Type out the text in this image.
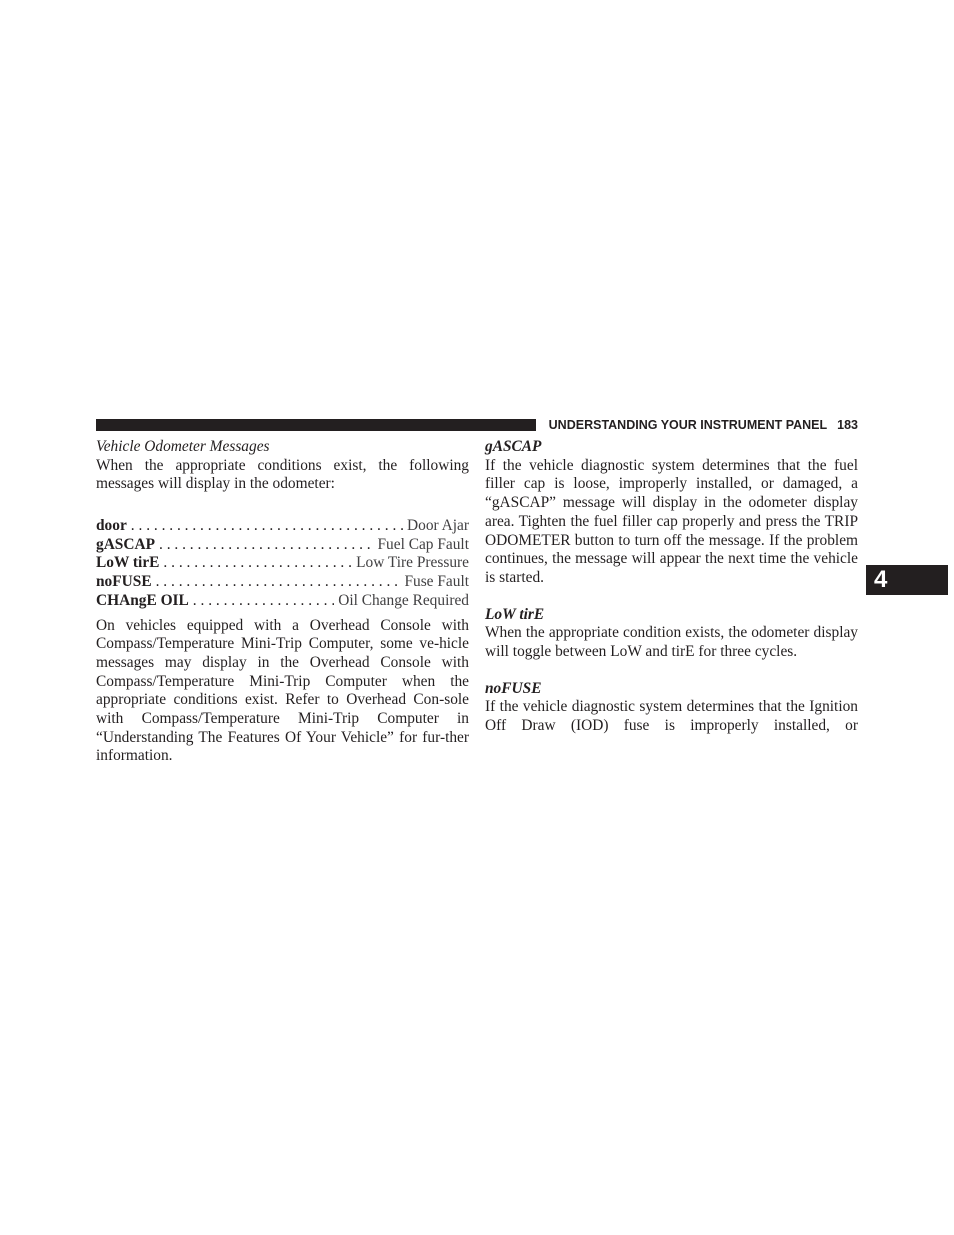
UNDERSTANDING YOUR INSTRUMENT PANEL 183
4

Vehicle Odometer Messages

When the appropriate conditions exist, the following messages will display in the odometer:

door . . .	Door Ajar
gASCAP . . .	Fuel Cap Fault
LoW tirE . . .	Low Tire Pressure
noFUSE . . .	Fuse Fault
CHAngE OIL . . .	Oil Change Required

On vehicles equipped with a Overhead Console with Compass/Temperature Mini-Trip Computer, some ve-hicle messages may display in the Overhead Console with Compass/Temperature Mini-Trip Computer when the appropriate conditions exist. Refer to Overhead Con-sole with Compass/Temperature Mini-Trip Computer in “Understanding The Features Of Your Vehicle” for fur-ther information.

gASCAP

If the vehicle diagnostic system determines that the fuel filler cap is loose, improperly installed, or damaged, a “gASCAP” message will display in the odometer display area. Tighten the fuel filler cap properly and press the TRIP ODOMETER button to turn off the message. If the problem continues, the message will appear the next time the vehicle is started.

LoW tirE

When the appropriate condition exists, the odometer display will toggle between LoW and tirE for three cycles.

noFUSE

If the vehicle diagnostic system determines that the Ignition Off Draw (IOD) fuse is improperly installed, or
